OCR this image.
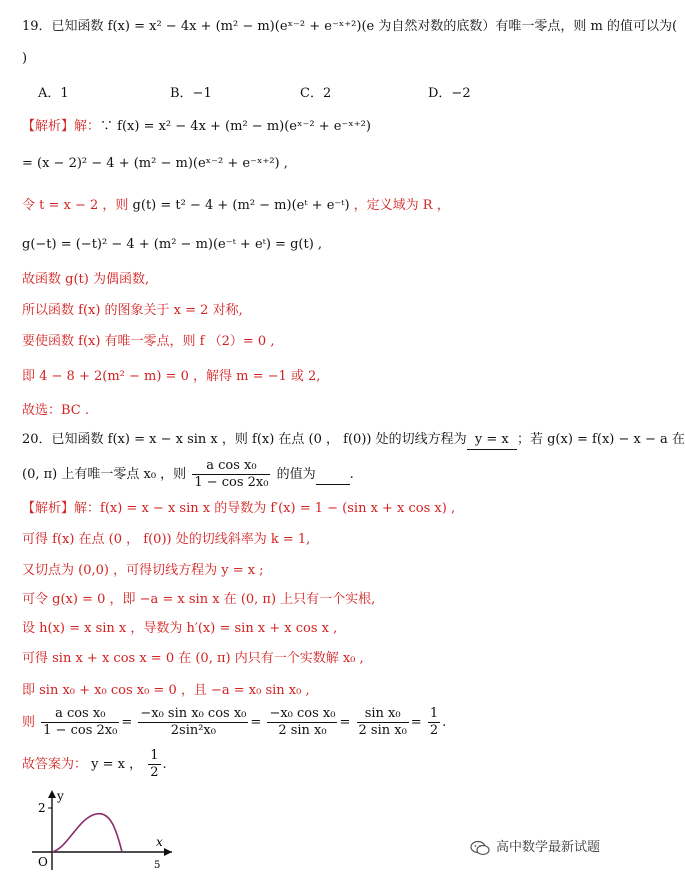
19．已知函数 f(x) = x² − 4x + (m² − m)(eˣ⁻² + e⁻ˣ⁺²)(e 为自然对数的底数）有唯一零点，则 m 的值可以为(
)
A．1	B．−1	C．2	D．−2
【解析】解：∵ f(x) = x² − 4x + (m² − m)(eˣ⁻² + e⁻ˣ⁺²)
= (x − 2)² − 4 + (m² − m)(eˣ⁻² + e⁻ˣ⁺²) ,
令 t = x − 2 ，则 g(t) = t² − 4 + (m² − m)(eᵗ + e⁻ᵗ) ，定义域为 R ，
g(−t) = (−t)² − 4 + (m² − m)(e⁻ᵗ + eᵗ) = g(t) ,
故函数 g(t) 为偶函数,
所以函数 f(x) 的图象关于 x = 2 对称,
要使函数 f(x) 有唯一零点，则 f （2）= 0 ,
即 4 − 8 + 2(m² − m) = 0 ，解得 m = −1 或 2,
故选：BC .
20．已知函数 f(x) = x − x sin x ，则 f(x) 在点 (0 ， f(0)) 处的切线方程为 y = x ；若 g(x) = f(x) − x − a 在
(0, π) 上有唯一零点 x₀ ，则 $\frac{\text{a cos x₀}}{\text{1 − cos 2x₀}}$ 的值为	.
【解析】解：f(x) = x − x sin x 的导数为 f′(x) = 1 − (sin x + x cos x) ,
可得 f(x) 在点 (0 ， f(0)) 处的切线斜率为 k = 1,
又切点为 (0,0) ，可得切线方程为 y = x ;
可令 g(x) = 0 ，即 −a = x sin x 在 (0, π) 上只有一个实根,
设 h(x) = x sin x ，导数为 h′(x) = sin x + x cos x ,
可得 sin x + x cos x = 0 在 (0, π) 内只有一个实数解 x₀ ,
即 sin x₀ + x₀ cos x₀ = 0 ，且 −a = x₀ sin x₀ ,
则 $\frac{\text{a cos x₀}}{\text{1 − cos 2x₀}} = \frac{\text{−x₀ sin x₀ cos x₀}}{\text{2sin²x₀}} = \frac{\text{−x₀ cos x₀}}{\text{2 sin x₀}} = \frac{\text{sin x₀}}{\text{2 sin x₀}} = \frac{1}{2}$ .
故答案为： y = x ， $\frac{1}{2}$ .
2
y
x
O	5
高中数学最新试题
